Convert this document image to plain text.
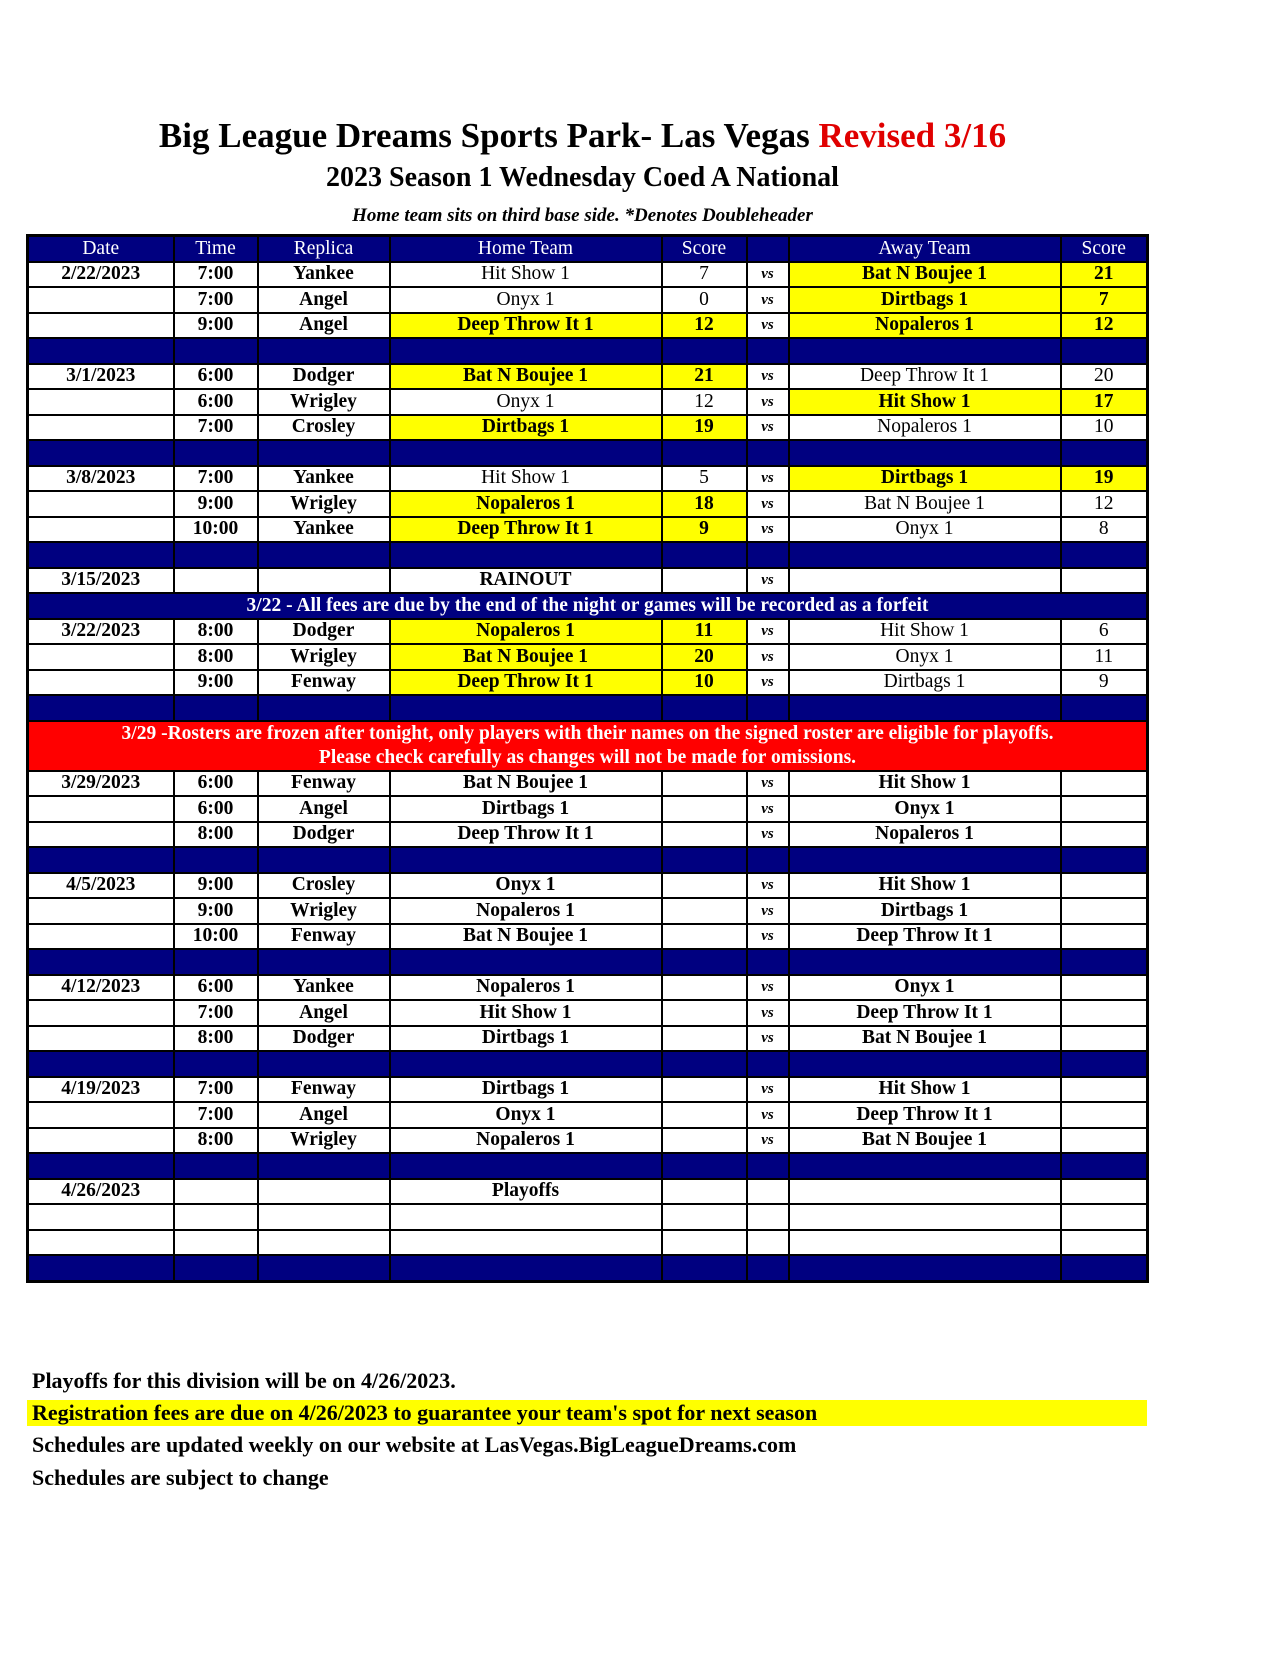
Big League Dreams Sports Park- Las Vegas Revised 3/16
2023 Season 1 Wednesday Coed A National
Home team sits on third base side. *Denotes Doubleheader
Date	Time	Replica	Home Team	Score		Away Team	Score
2/22/2023	7:00	Yankee	Hit Show 1	7	vs	Bat N Boujee 1	21
	7:00	Angel	Onyx 1	0	vs	Dirtbags 1	7
	9:00	Angel	Deep Throw It 1	12	vs	Nopaleros 1	12

3/1/2023	6:00	Dodger	Bat N Boujee 1	21	vs	Deep Throw It 1	20
	6:00	Wrigley	Onyx 1	12	vs	Hit Show 1	17
	7:00	Crosley	Dirtbags 1	19	vs	Nopaleros 1	10

3/8/2023	7:00	Yankee	Hit Show 1	5	vs	Dirtbags 1	19
	9:00	Wrigley	Nopaleros 1	18	vs	Bat N Boujee 1	12
	10:00	Yankee	Deep Throw It 1	9	vs	Onyx 1	8

3/15/2023			RAINOUT		vs		
3/22 - All fees are due by the end of the night or games will be recorded as a forfeit							
3/22/2023	8:00	Dodger	Nopaleros 1	11	vs	Hit Show 1	6
	8:00	Wrigley	Bat N Boujee 1	20	vs	Onyx 1	11
	9:00	Fenway	Deep Throw It 1	10	vs	Dirtbags 1	9

3/29 -Rosters are frozen after tonight, only players with their names on the signed roster are eligible for playoffs.
Please check carefully as changes will not be made for omissions.							

3/29/2023	6:00	Fenway	Bat N Boujee 1		vs	Hit Show 1	
	6:00	Angel	Dirtbags 1		vs	Onyx 1	
	8:00	Dodger	Deep Throw It 1		vs	Nopaleros 1	

4/5/2023	9:00	Crosley	Onyx 1		vs	Hit Show 1	
	9:00	Wrigley	Nopaleros 1		vs	Dirtbags 1	
	10:00	Fenway	Bat N Boujee 1		vs	Deep Throw It 1	

4/12/2023	6:00	Yankee	Nopaleros 1		vs	Onyx 1	
	7:00	Angel	Hit Show 1		vs	Deep Throw It 1	
	8:00	Dodger	Dirtbags 1		vs	Bat N Boujee 1	

4/19/2023	7:00	Fenway	Dirtbags 1		vs	Hit Show 1	
	7:00	Angel	Onyx 1		vs	Deep Throw It 1	
	8:00	Wrigley	Nopaleros 1		vs	Bat N Boujee 1	

4/26/2023			Playoffs				

Playoffs for this division will be on 4/26/2023.
Registration fees are due on 4/26/2023 to guarantee your team's spot for next season
Schedules are updated weekly on our website at LasVegas.BigLeagueDreams.com
Schedules are subject to change
